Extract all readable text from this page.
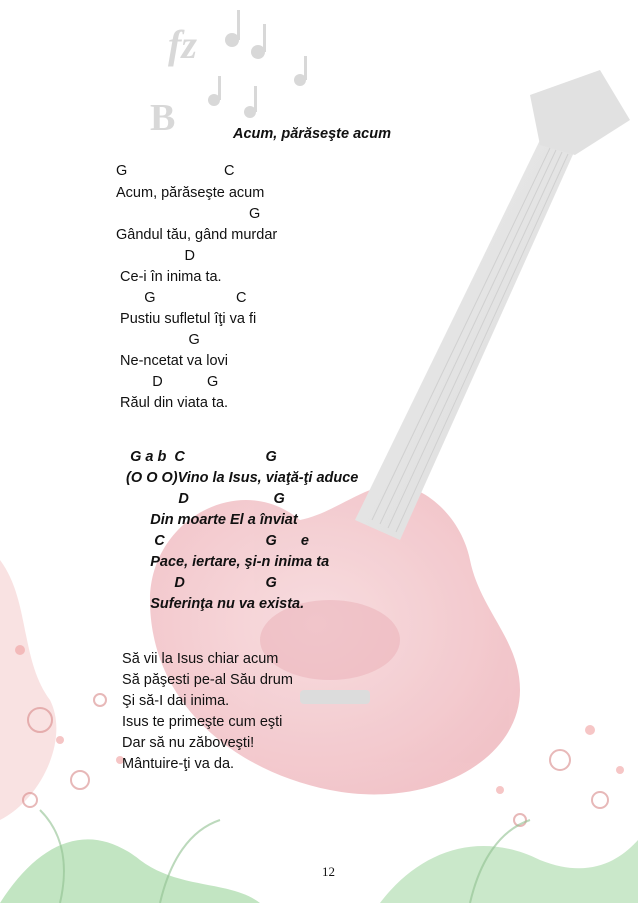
fz
B	Acum, părăseşte acum
G                        C
Acum, părăseşte acum
G
Gândul tău, gând murdar
D
Ce-i în inima ta.
G                    C
Pustiu sufletul îţi va fi
G
Ne-ncetat va lovi
D           G
Răul din viata ta.
G a b  C                    G
(O O O)Vino la Isus, viaţă-ţi aduce
D                     G
Din moarte El a înviat
C                         G      e
Pace, iertare, şi-n inima ta
D                    G
Suferinţa nu va exista.
Să vii la Isus chiar acum
Să păşesti pe-al Său drum
Şi să-I dai inima.
Isus te primeşte cum eşti
Dar să nu zăboveşti!
Mântuire-ţi va da.
12
